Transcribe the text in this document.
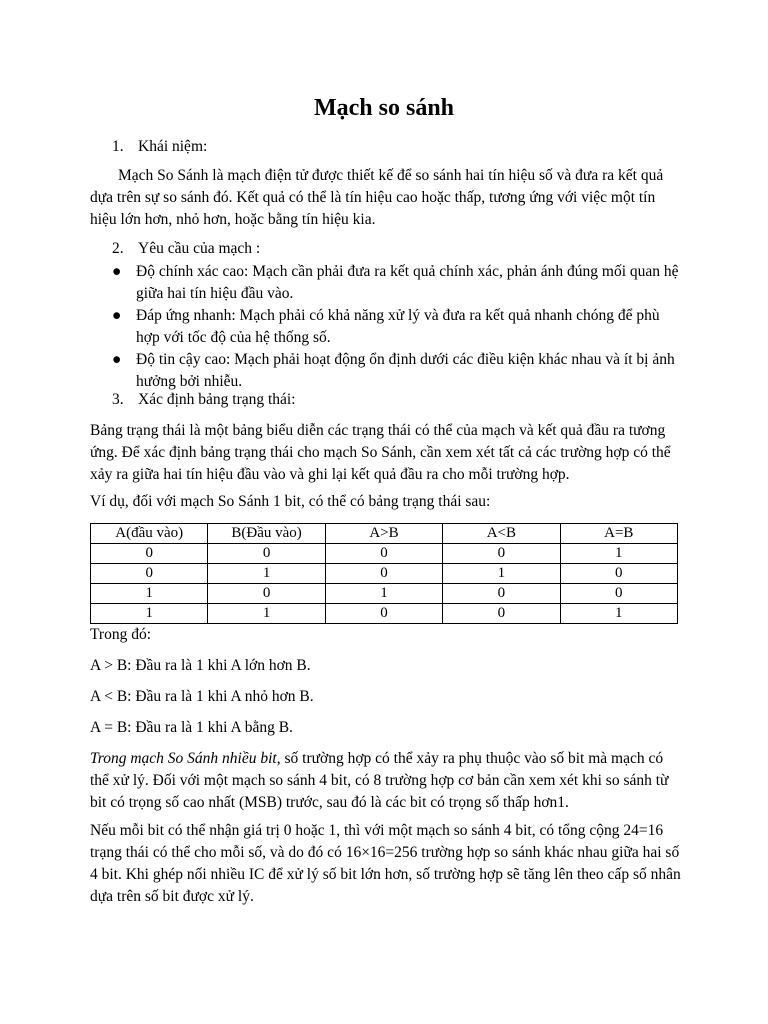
Mạch so sánh
1. Khái niệm:
Mạch So Sánh là mạch điện tử được thiết kế để so sánh hai tín hiệu số và đưa ra kết quả dựa trên sự so sánh đó. Kết quả có thể là tín hiệu cao hoặc thấp, tương ứng với việc một tín hiệu lớn hơn, nhỏ hơn, hoặc bằng tín hiệu kia.
2. Yêu cầu của mạch :
● Độ chính xác cao: Mạch cần phải đưa ra kết quả chính xác, phản ánh đúng mối quan hệ giữa hai tín hiệu đầu vào.
● Đáp ứng nhanh: Mạch phải có khả năng xử lý và đưa ra kết quả nhanh chóng để phù hợp với tốc độ của hệ thống số.
● Độ tin cậy cao: Mạch phải hoạt động ổn định dưới các điều kiện khác nhau và ít bị ảnh hưởng bởi nhiễu.
3. Xác định bảng trạng thái:
Bảng trạng thái là một bảng biểu diễn các trạng thái có thể của mạch và kết quả đầu ra tương ứng. Để xác định bảng trạng thái cho mạch So Sánh, cần xem xét tất cả các trường hợp có thể xảy ra giữa hai tín hiệu đầu vào và ghi lại kết quả đầu ra cho mỗi trường hợp.
Ví dụ, đối với mạch So Sánh 1 bit, có thể có bảng trạng thái sau:
A(đầu vào)	B(Đầu vào)	A>B	A<B	A=B
0	0	0	0	1
0	1	0	1	0
1	0	1	0	0
1	1	0	0	1
Trong đó:
A > B: Đầu ra là 1 khi A lớn hơn B.
A < B: Đầu ra là 1 khi A nhỏ hơn B.
A = B: Đầu ra là 1 khi A bằng B.
Trong mạch So Sánh nhiều bit, số trường hợp có thể xảy ra phụ thuộc vào số bit mà mạch có thể xử lý. Đối với một mạch so sánh 4 bit, có 8 trường hợp cơ bản cần xem xét khi so sánh từ bit có trọng số cao nhất (MSB) trước, sau đó là các bit có trọng số thấp hơn1.
Nếu mỗi bit có thể nhận giá trị 0 hoặc 1, thì với một mạch so sánh 4 bit, có tổng cộng 24=16 trạng thái có thể cho mỗi số, và do đó có 16×16=256 trường hợp so sánh khác nhau giữa hai số 4 bit. Khi ghép nối nhiều IC để xử lý số bit lớn hơn, số trường hợp sẽ tăng lên theo cấp số nhân dựa trên số bit được xử lý.
